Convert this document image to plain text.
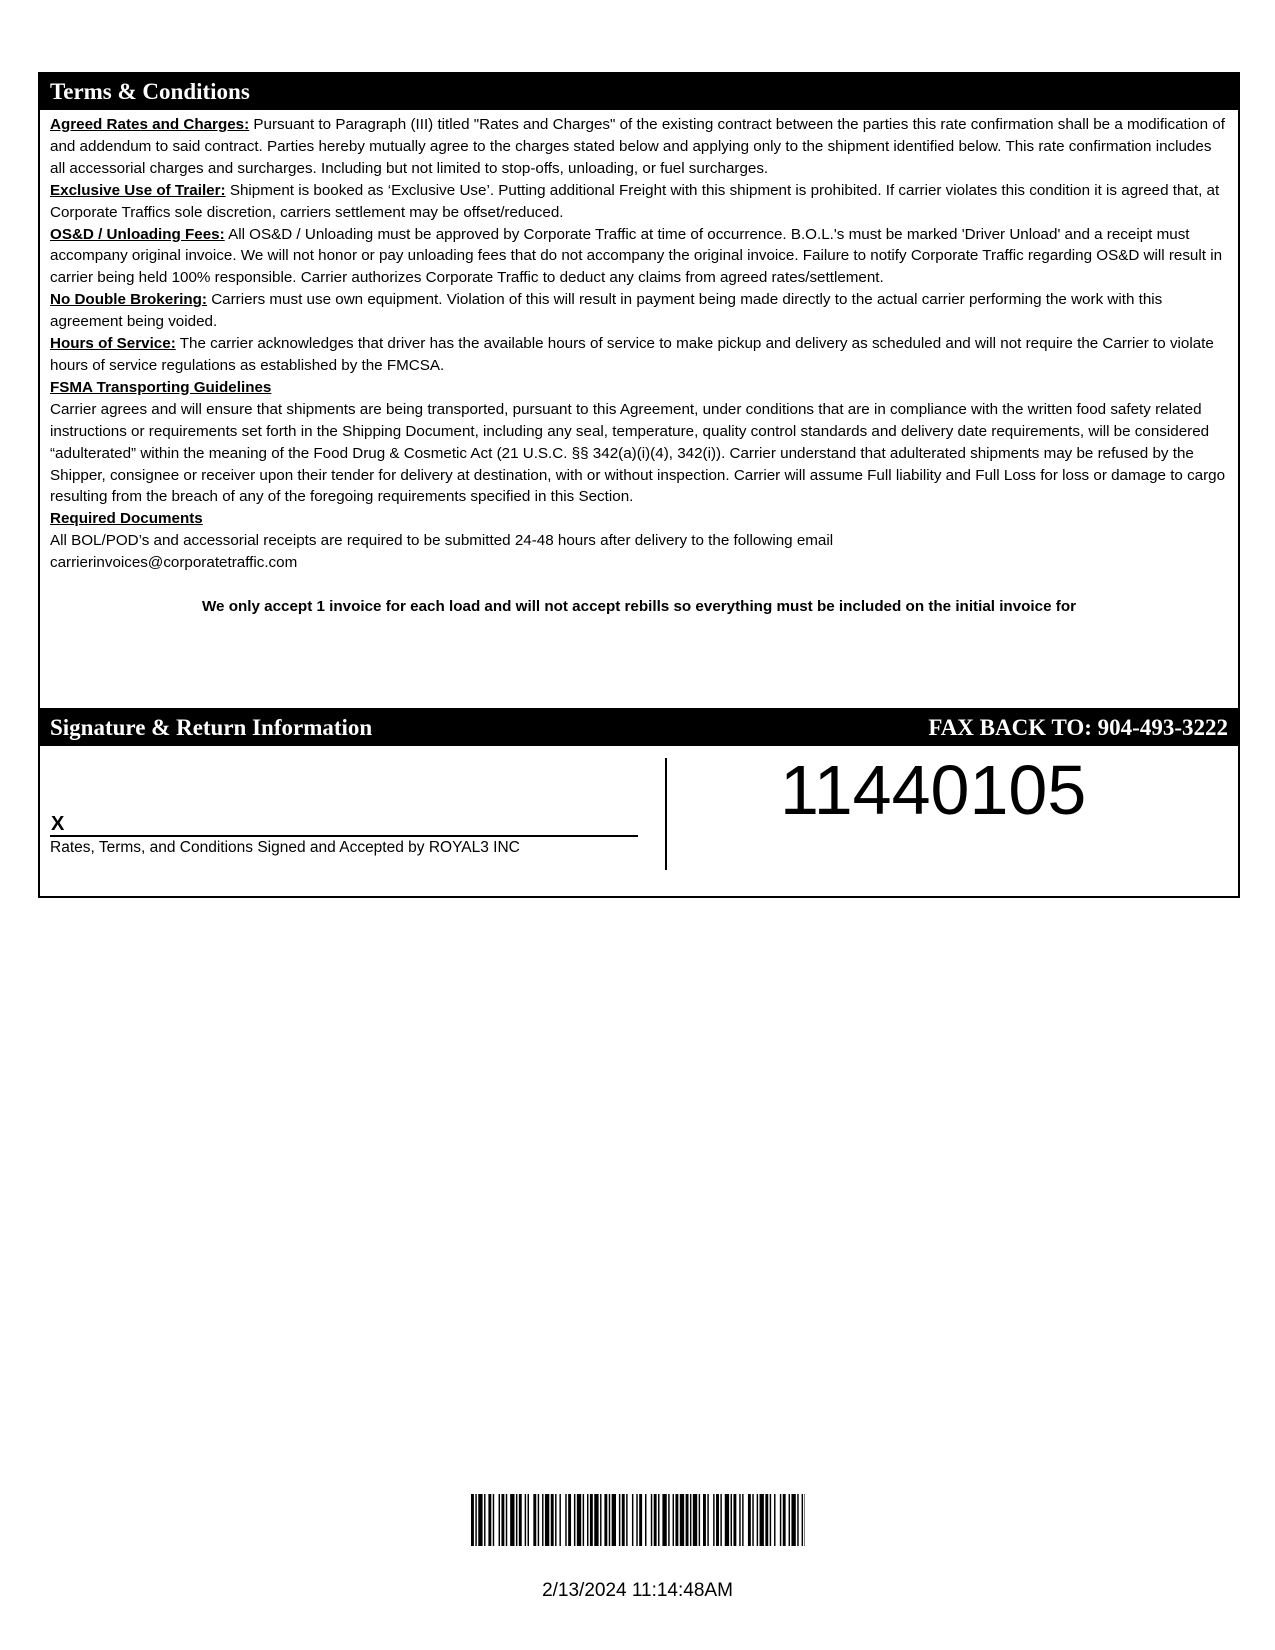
Terms & Conditions

Agreed Rates and Charges: Pursuant to Paragraph (III) titled "Rates and Charges" of the existing contract between the parties this rate confirmation shall be a modification of and addendum to said contract. Parties hereby mutually agree to the charges stated below and applying only to the shipment identified below. This rate confirmation includes all accessorial charges and surcharges. Including but not limited to stop-offs, unloading, or fuel surcharges.

Exclusive Use of Trailer: Shipment is booked as ‘Exclusive Use’. Putting additional Freight with this shipment is prohibited. If carrier violates this condition it is agreed that, at Corporate Traffics sole discretion, carriers settlement may be offset/reduced.

OS&D / Unloading Fees: All OS&D / Unloading must be approved by Corporate Traffic at time of occurrence. B.O.L.'s must be marked 'Driver Unload' and a receipt must accompany original invoice. We will not honor or pay unloading fees that do not accompany the original invoice. Failure to notify Corporate Traffic regarding OS&D will result in carrier being held 100% responsible. Carrier authorizes Corporate Traffic to deduct any claims from agreed rates/settlement.

No Double Brokering: Carriers must use own equipment. Violation of this will result in payment being made directly to the actual carrier performing the work with this agreement being voided.

Hours of Service: The carrier acknowledges that driver has the available hours of service to make pickup and delivery as scheduled and will not require the Carrier to violate hours of service regulations as established by the FMCSA.

FSMA Transporting Guidelines

Carrier agrees and will ensure that shipments are being transported, pursuant to this Agreement, under conditions that are in compliance with the written food safety related instructions or requirements set forth in the Shipping Document, including any seal, temperature, quality control standards and delivery date requirements, will be considered “adulterated” within the meaning of the Food Drug & Cosmetic Act (21 U.S.C. §§ 342(a)(i)(4), 342(i)). Carrier understand that adulterated shipments may be refused by the Shipper, consignee or receiver upon their tender for delivery at destination, with or without inspection. Carrier will assume Full liability and Full Loss for loss or damage to cargo resulting from the breach of any of the foregoing requirements specified in this Section.

Required Documents

All BOL/POD’s and accessorial receipts are required to be submitted 24-48 hours after delivery to the following email

carrierinvoices@corporatetraffic.com

We only accept 1 invoice for each load and will not accept rebills so everything must be included on the initial invoice for

Signature & Return Information	FAX BACK TO: 904-493-3222
X
Rates, Terms, and Conditions Signed and Accepted by ROYAL3 INC
11440105
2/13/2024 11:14:48AM
